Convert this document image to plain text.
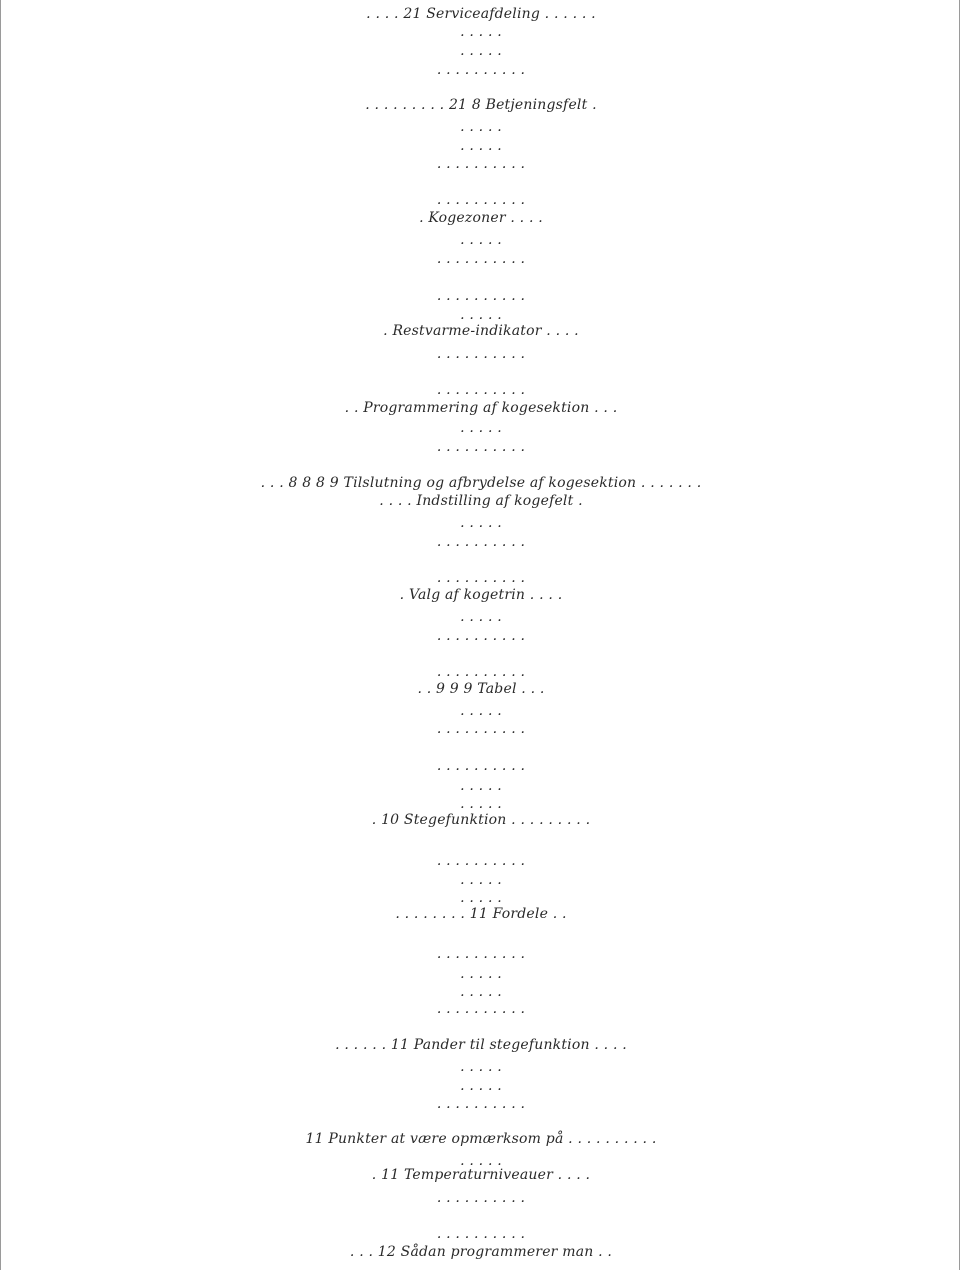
. . . . 21 Serviceafdeling . . . . . .
. . . . .
. . . . .
. . . . . . . . . .
. . . . . . . . . 21 8 Betjeningsfelt .
. . . . .
. . . . .
. . . . . . . . . .
. . . . . . . . . .
. Kogezoner . . . .
. . . . .
. . . . . . . . . .
. . . . . . . . . .
. . . . .
. Restvarme-indikator . . . .
. . . . . . . . . .
. . . . . . . . . .
. . Programmering af kogesektion . . .
. . . . .
. . . . . . . . . .
. . . 8 8 8 9 Tilslutning og afbrydelse af kogesektion . . . . . . .
. . . . Indstilling af kogefelt .
. . . . .
. . . . . . . . . .
. . . . . . . . . .
. Valg af kogetrin . . . .
. . . . .
. . . . . . . . . .
. . . . . . . . . .
. . 9 9 9 Tabel . . .
. . . . .
. . . . . . . . . .
. . . . . . . . . .
. . . . .
. . . . .
. 10 Stegefunktion . . . . . . . . .
. . . . . . . . . .
. . . . .
. . . . .
. . . . . . . . 11 Fordele . .
. . . . . . . . . .
. . . . .
. . . . .
. . . . . . . . . .
. . . . . . 11 Pander til stegefunktion . . . .
. . . . .
. . . . .
. . . . . . . . . .
11 Punkter at være opmærksom på . . . . . . . . . .
. . . . .
. 11 Temperaturniveauer . . . .
. . . . . . . . . .
. . . . . . . . . .
. . . 12 Sådan programmerer man . .
